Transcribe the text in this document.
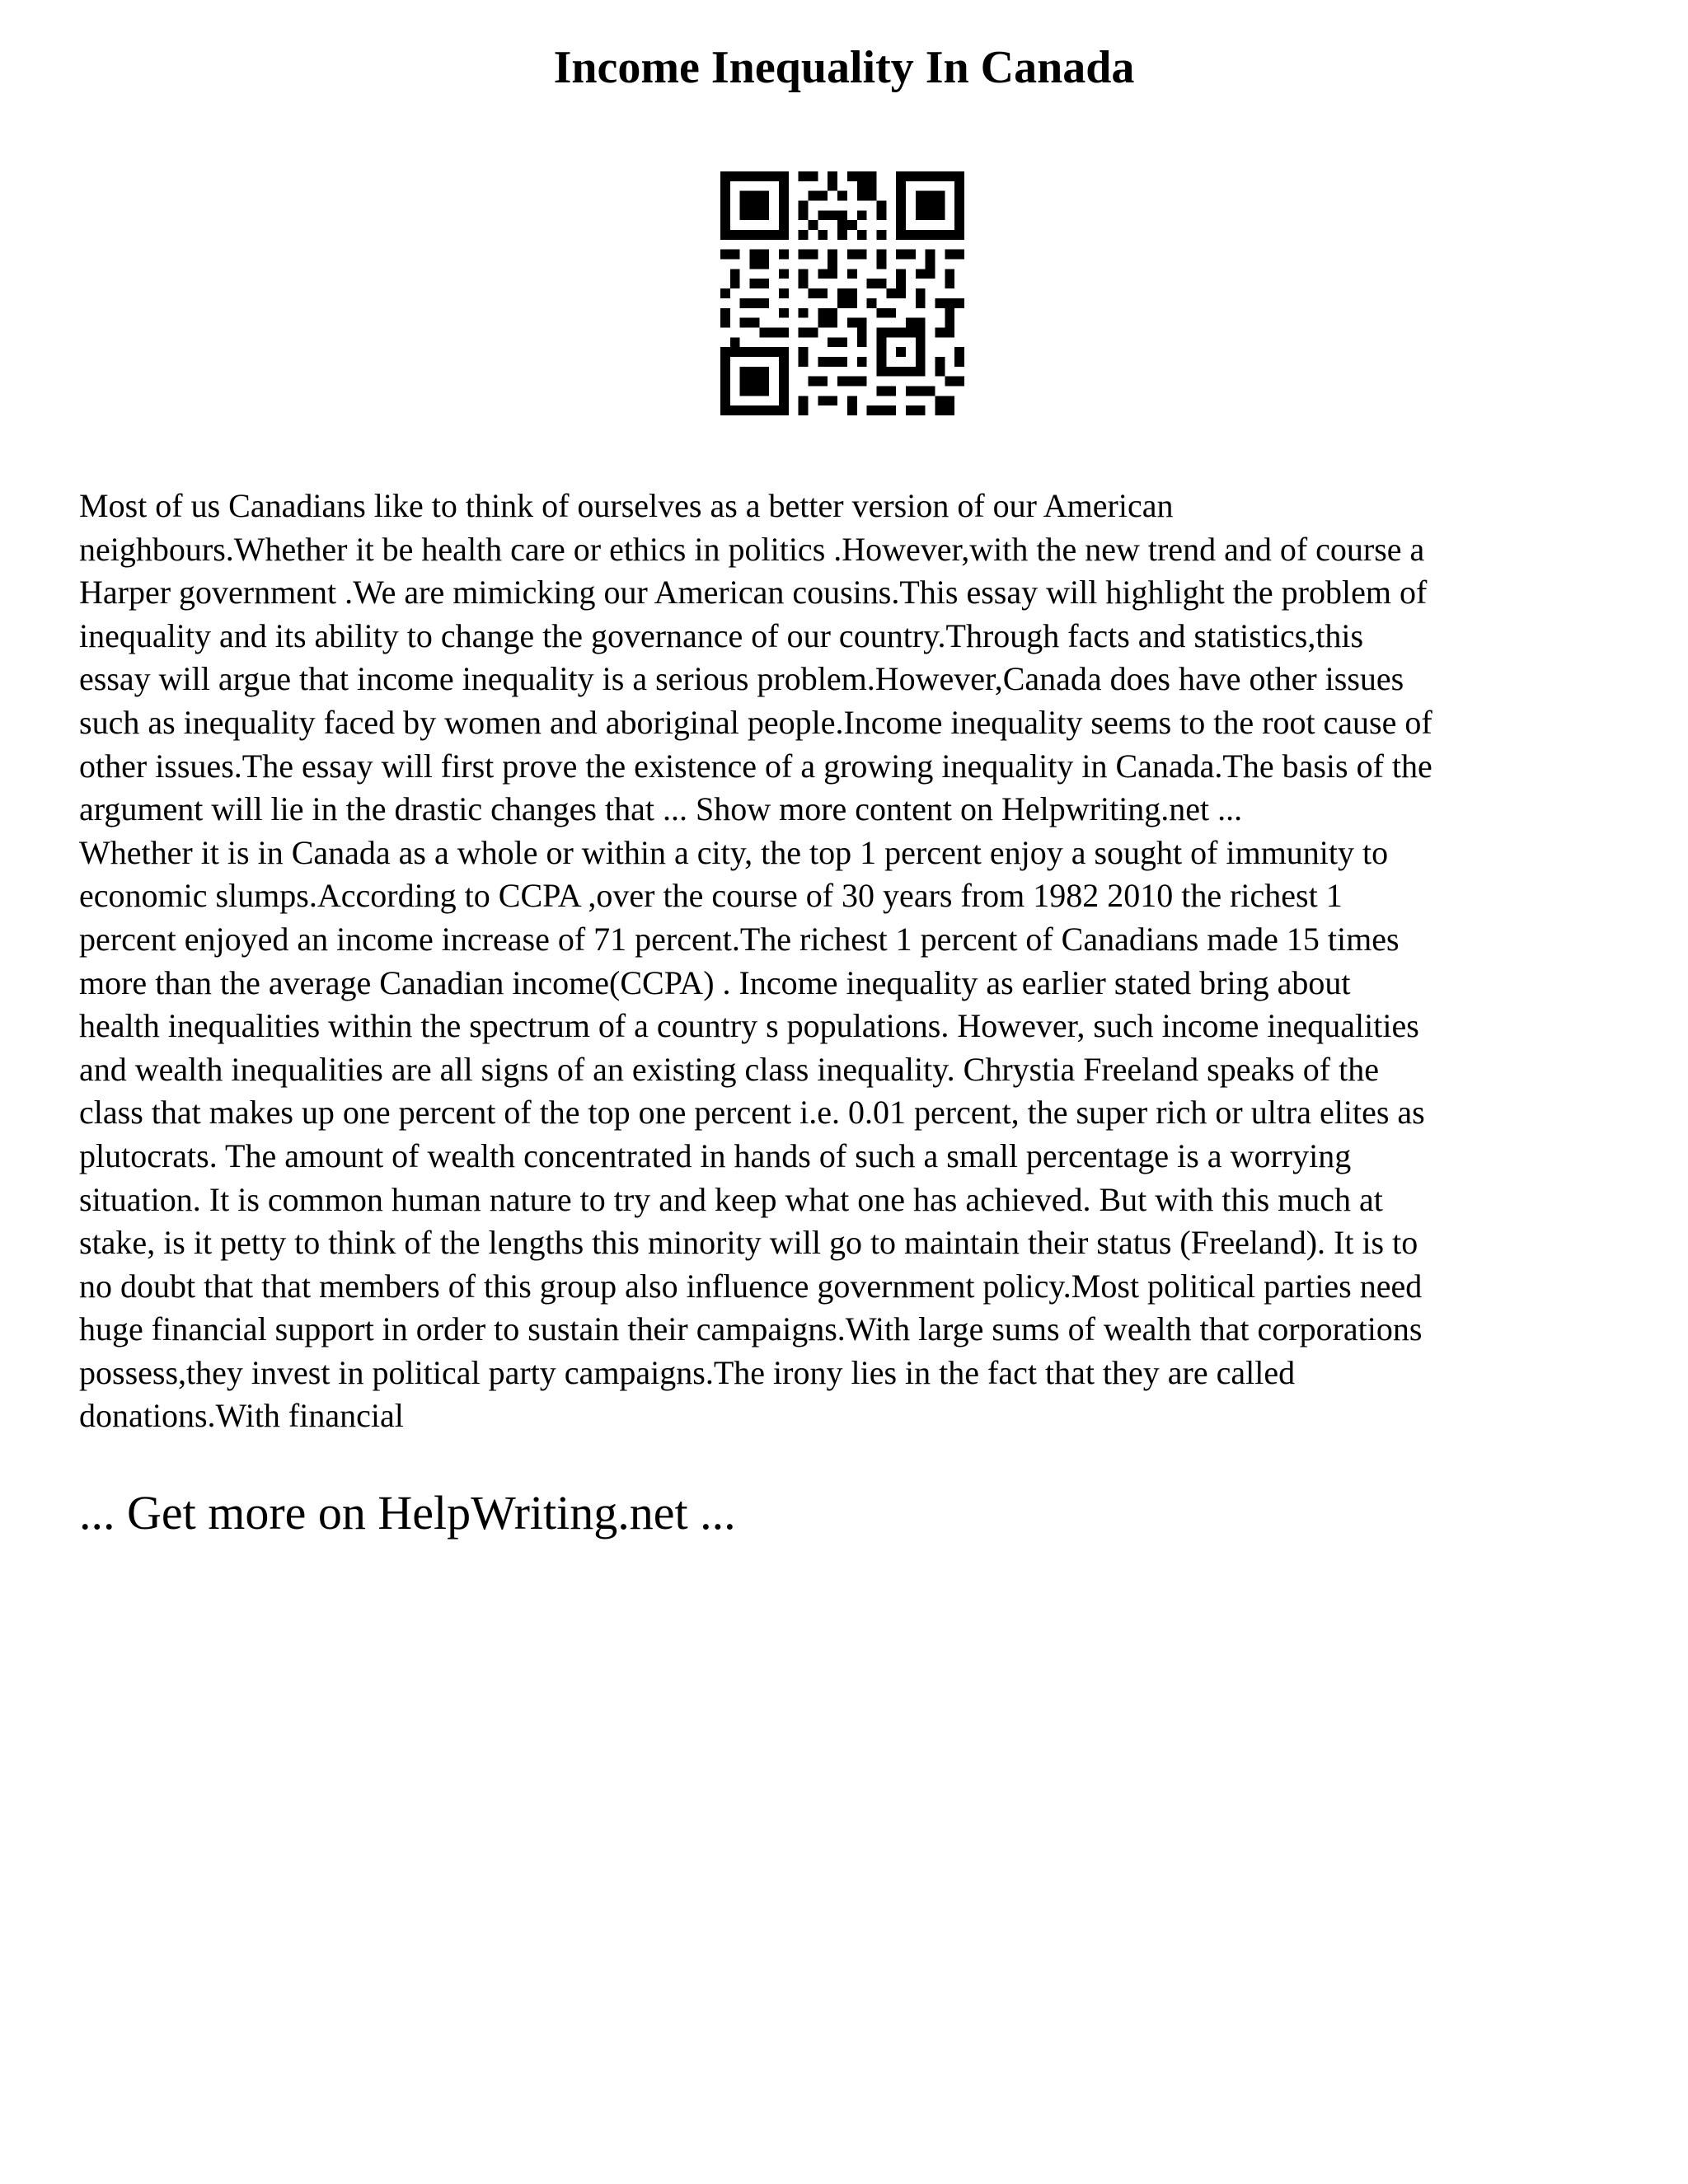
Income Inequality In Canada

Most of us Canadians like to think of ourselves as a better version of our American
neighbours.Whether it be health care or ethics in politics .However,with the new trend and of course a
Harper government .We are mimicking our American cousins.This essay will highlight the problem of
inequality and its ability to change the governance of our country.Through facts and statistics,this
essay will argue that income inequality is a serious problem.However,Canada does have other issues
such as inequality faced by women and aboriginal people.Income inequality seems to the root cause of
other issues.The essay will first prove the existence of a growing inequality in Canada.The basis of the
argument will lie in the drastic changes that ... Show more content on Helpwriting.net ...

Whether it is in Canada as a whole or within a city, the top 1 percent enjoy a sought of immunity to
economic slumps.According to CCPA ,over the course of 30 years from 1982 2010 the richest 1
percent enjoyed an income increase of 71 percent.The richest 1 percent of Canadians made 15 times
more than the average Canadian income(CCPA) . Income inequality as earlier stated bring about
health inequalities within the spectrum of a country s populations. However, such income inequalities
and wealth inequalities are all signs of an existing class inequality. Chrystia Freeland speaks of the
class that makes up one percent of the top one percent i.e. 0.01 percent, the super rich or ultra elites as
plutocrats. The amount of wealth concentrated in hands of such a small percentage is a worrying
situation. It is common human nature to try and keep what one has achieved. But with this much at
stake, is it petty to think of the lengths this minority will go to maintain their status (Freeland). It is to
no doubt that that members of this group also influence government policy.Most political parties need
huge financial support in order to sustain their campaigns.With large sums of wealth that corporations
possess,they invest in political party campaigns.The irony lies in the fact that they are called
donations.With financial

... Get more on HelpWriting.net ...
